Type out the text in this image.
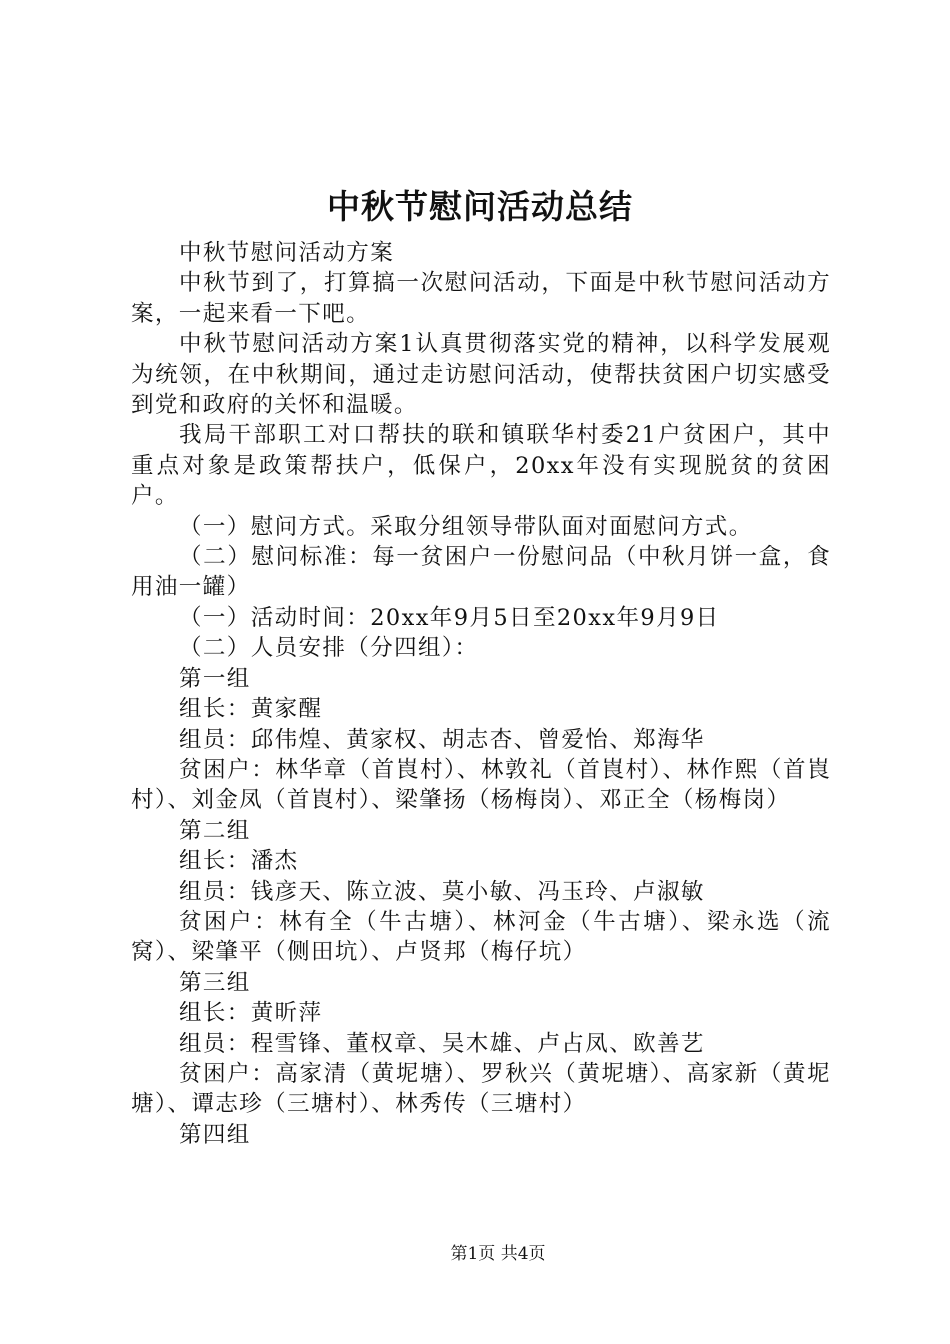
中秋节慰问活动总结

中秋节慰问活动方案

中秋节到了，打算搞一次慰问活动，下面是中秋节慰问活动方案，一起来看一下吧。

中秋节慰问活动方案1认真贯彻落实党的精神，以科学发展观为统领，在中秋期间，通过走访慰问活动，使帮扶贫困户切实感受到党和政府的关怀和温暖。

我局干部职工对口帮扶的联和镇联华村委21户贫困户，其中重点对象是政策帮扶户，低保户，20xx年没有实现脱贫的贫困户。

（一）慰问方式。采取分组领导带队面对面慰问方式。

（二）慰问标准：每一贫困户一份慰问品（中秋月饼一盒，食用油一罐）

（一）活动时间：20xx年9月5日至20xx年9月9日

（二）人员安排（分四组）：

第一组

组长：黄家醒

组员：邱伟煌、黄家权、胡志杏、曾爱怡、郑海华

贫困户：林华章（首崀村）、林敦礼（首崀村）、林作熙（首崀村）、刘金凤（首崀村）、梁肇扬（杨梅岗）、邓正全（杨梅岗）

第二组

组长：潘杰

组员：钱彦天、陈立波、莫小敏、冯玉玲、卢淑敏

贫困户：林有全（牛古塘）、林河金（牛古塘）、梁永选（流窝）、梁肇平（侧田坑）、卢贤邦（梅仔坑）

第三组

组长：黄昕萍

组员：程雪锋、董权章、吴木雄、卢占凤、欧善艺

贫困户：高家清（黄坭塘）、罗秋兴（黄坭塘）、高家新（黄坭塘）、谭志珍（三塘村）、林秀传（三塘村）

第四组

第1页 共4页
